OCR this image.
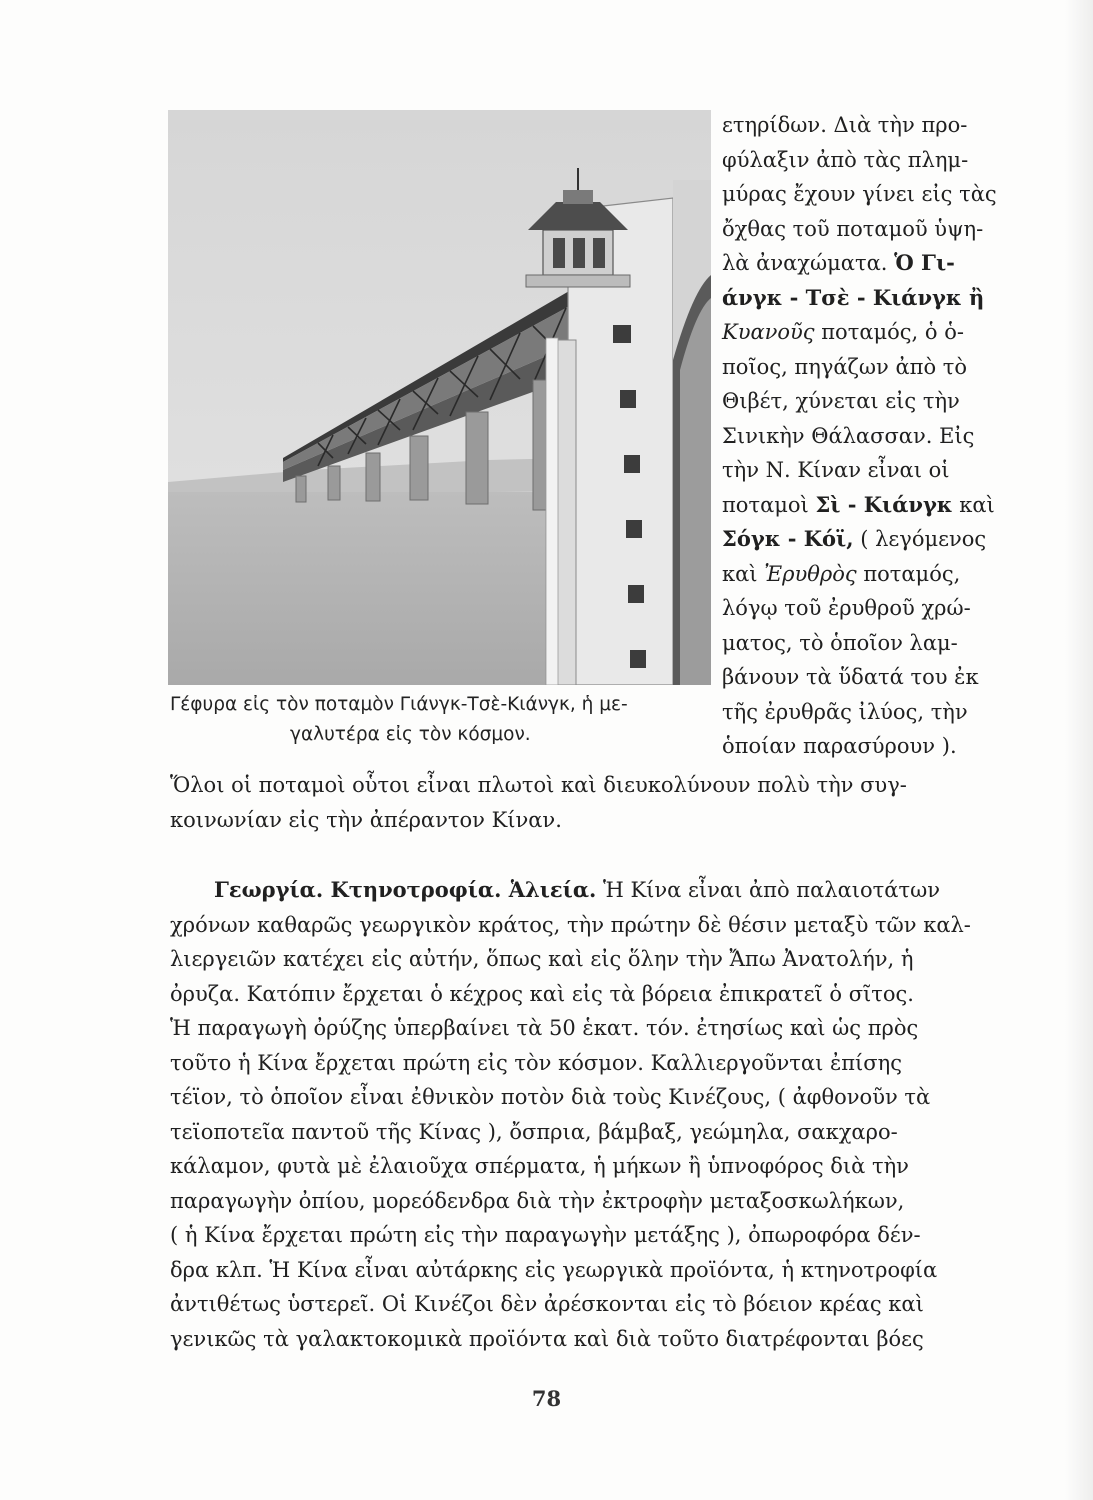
Γέφυρα εἰς τὸν ποταμὸν Γιάνγκ-Τσὲ-Κιάνγκ, ἡ με-
γαλυτέρα εἰς τὸν κόσμον.
ετηρίδων. Διὰ τὴν προ-
φύλαξιν ἀπὸ τὰς πλημ-
μύρας ἔχουν γίνει εἰς τὰς
ὄχθας τοῦ ποταμοῦ ὑψη-
λὰ ἀναχώματα. Ὁ Γι-
άνγκ - Τσὲ - Κιάνγκ ἢ
Κυανοῦς ποταμός, ὁ ὁ-
ποῖος, πηγάζων ἀπὸ τὸ
Θιβέτ, χύνεται εἰς τὴν
Σινικὴν Θάλασσαν. Εἰς
τὴν Ν. Κίναν εἶναι οἱ
ποταμοὶ Σὶ - Κιάνγκ καὶ
Σόγκ - Κόϊ, ( λεγόμενος
καὶ Ἐρυθρὸς ποταμός,
λόγῳ τοῦ ἐρυθροῦ χρώ-
ματος, τὸ ὁποῖον λαμ-
βάνουν τὰ ὕδατά του ἐκ
τῆς ἐρυθρᾶς ἰλύος, τὴν
ὁποίαν παρασύρουν ).
Ὅλοι οἱ ποταμοὶ οὗτοι εἶναι πλωτοὶ καὶ διευκολύνουν πολὺ τὴν συγ-
κοινωνίαν εἰς τὴν ἀπέραντον Κίναν.
Γεωργία. Κτηνοτροφία. Ἁλιεία. Ἡ Κίνα εἶναι ἀπὸ παλαιοτάτων
χρόνων καθαρῶς γεωργικὸν κράτος, τὴν πρώτην δὲ θέσιν μεταξὺ τῶν καλ-
λιεργειῶν κατέχει εἰς αὐτήν, ὅπως καὶ εἰς ὅλην τὴν Ἄπω Ἀνατολήν, ἡ
ὀρυζα. Κατόπιν ἔρχεται ὁ κέχρος καὶ εἰς τὰ βόρεια ἐπικρατεῖ ὁ σῖτος.
Ἡ παραγωγὴ ὀρύζης ὑπερβαίνει τὰ 50 ἑκατ. τόν. ἐτησίως καὶ ὡς πρὸς
τοῦτο ἡ Κίνα ἔρχεται πρώτη εἰς τὸν κόσμον. Καλλιεργοῦνται ἐπίσης
τέϊον, τὸ ὁποῖον εἶναι ἐθνικὸν ποτὸν διὰ τοὺς Κινέζους, ( ἀφθονοῦν τὰ
τεϊοποτεῖα παντοῦ τῆς Κίνας ), ὄσπρια, βάμβαξ, γεώμηλα, σακχαρο-
κάλαμον, φυτὰ μὲ ἐλαιοῦχα σπέρματα, ἡ μήκων ἢ ὑπνοφόρος διὰ τὴν
παραγωγὴν ὀπίου, μορεόδενδρα διὰ τὴν ἐκτροφὴν μεταξοσκωλήκων,
( ἡ Κίνα ἔρχεται πρώτη εἰς τὴν παραγωγὴν μετάξης ), ὀπωροφόρα δέν-
δρα κλπ. Ἡ Κίνα εἶναι αὐτάρκης εἰς γεωργικὰ προϊόντα, ἡ κτηνοτροφία
ἀντιθέτως ὑστερεῖ. Οἱ Κινέζοι δὲν ἀρέσκονται εἰς τὸ βόειον κρέας καὶ
γενικῶς τὰ γαλακτοκομικὰ προϊόντα καὶ διὰ τοῦτο διατρέφονται βόες
78
